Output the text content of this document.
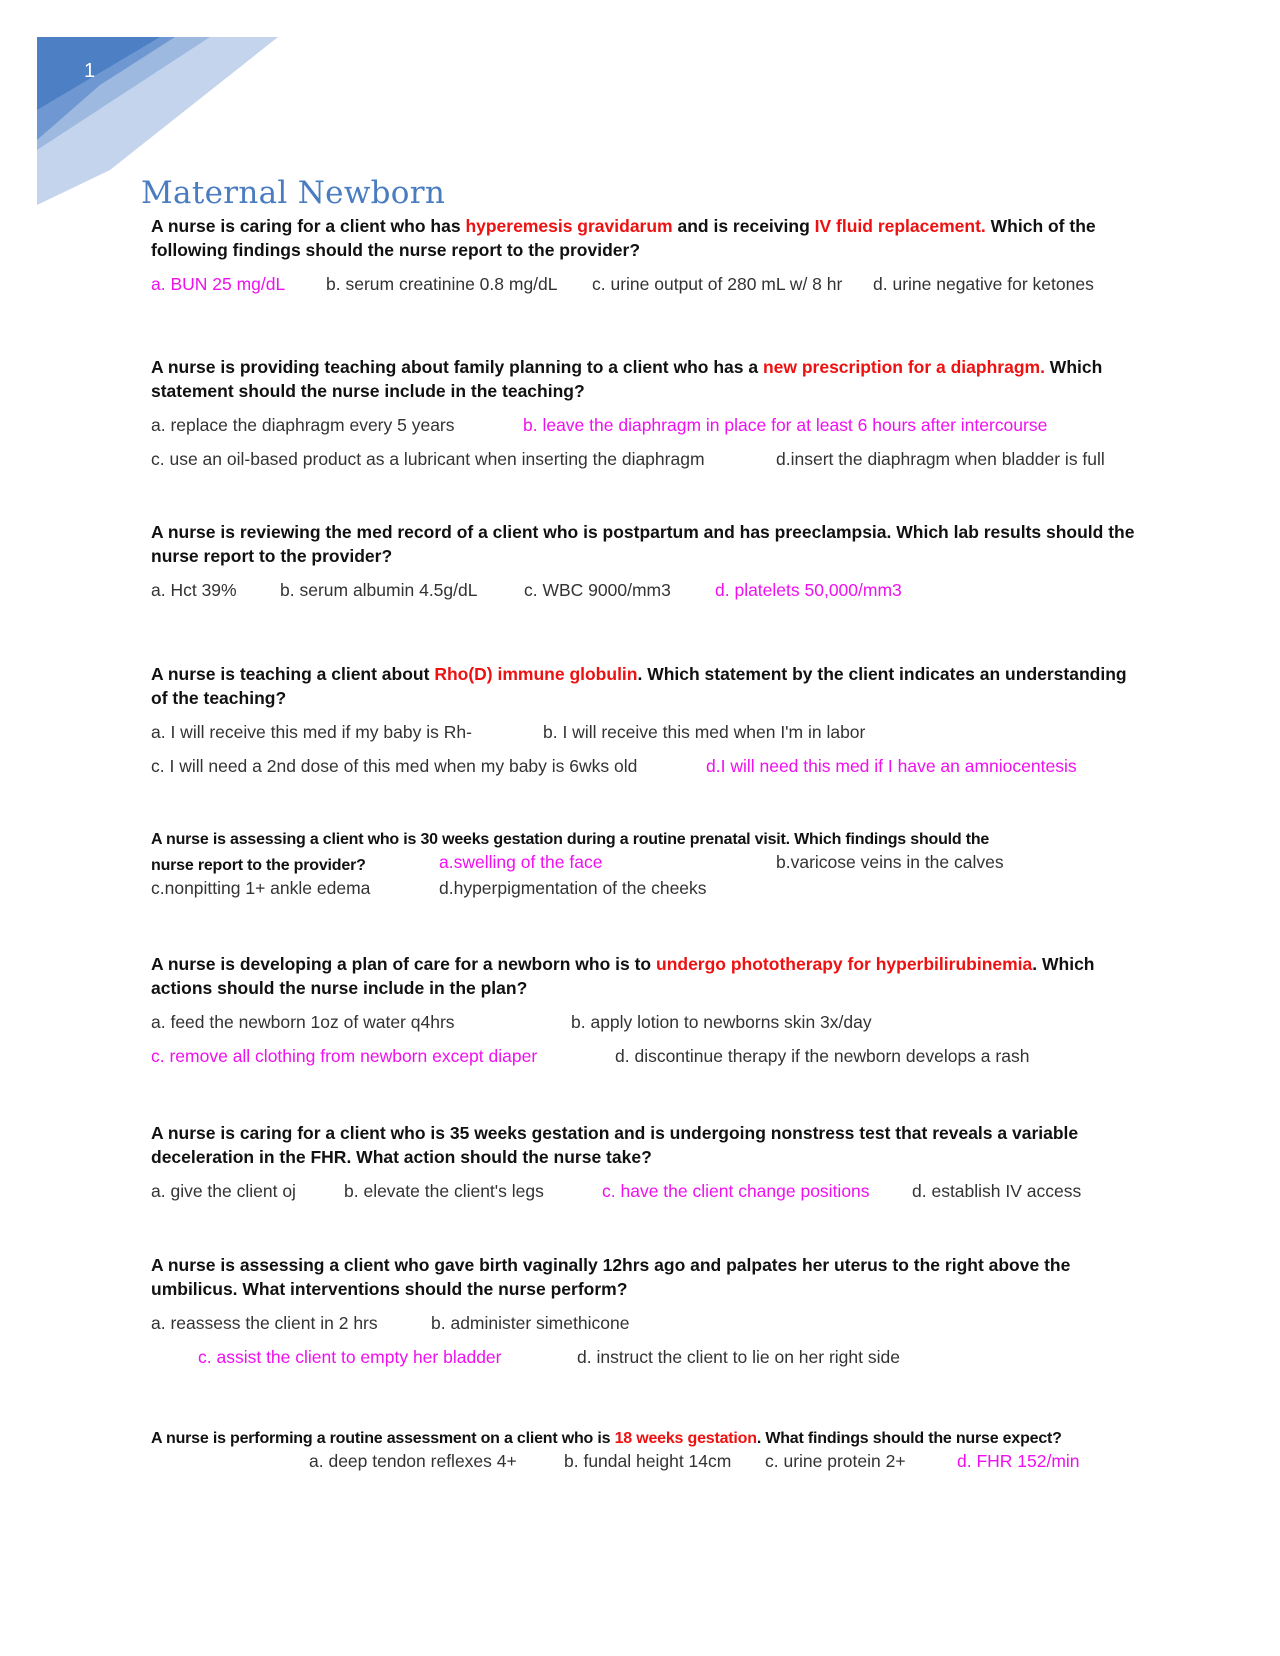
1
Maternal Newborn
A nurse is caring for a client who has hyperemesis gravidarum and is receiving IV fluid replacement. Which of the following findings should the nurse report to the provider?
a. BUN 25 mg/dL b. serum creatinine 0.8 mg/dL c. urine output of 280 mL w/ 8 hr d. urine negative for ketones
A nurse is providing teaching about family planning to a client who has a new prescription for a diaphragm. Which statement should the nurse include in the teaching?
a. replace the diaphragm every 5 years	b. leave the diaphragm in place for at least 6 hours after intercourse
c. use an oil-based product as a lubricant when inserting the diaphragm	d.insert the diaphragm when bladder is full
A nurse is reviewing the med record of a client who is postpartum and has preeclampsia. Which lab results should the nurse report to the provider?
a. Hct 39% b. serum albumin 4.5g/dL	c. WBC 9000/mm3	d. platelets 50,000/mm3
A nurse is teaching a client about Rho(D) immune globulin. Which statement by the client indicates an understanding of the teaching?
a. I will receive this med if my baby is Rh-	b. I will receive this med when I'm in labor
c. I will need a 2nd dose of this med when my baby is 6wks old	d.I will need this med if I have an amniocentesis
A nurse is assessing a client who is 30 weeks gestation during a routine prenatal visit. Which findings should the
nurse report to the provider?	a.swelling of the face	b.varicose veins in the calves
c.nonpitting 1+ ankle edema	d.hyperpigmentation of the cheeks
A nurse is developing a plan of care for a newborn who is to undergo phototherapy for hyperbilirubinemia. Which actions should the nurse include in the plan?
a. feed the newborn 1oz of water q4hrs	b. apply lotion to newborns skin 3x/day
c. remove all clothing from newborn except diaper	d. discontinue therapy if the newborn develops a rash
A nurse is caring for a client who is 35 weeks gestation and is undergoing nonstress test that reveals a variable deceleration in the FHR. What action should the nurse take?
a. give the client oj	b. elevate the client's legs	c. have the client change positions d. establish IV access
A nurse is assessing a client who gave birth vaginally 12hrs ago and palpates her uterus to the right above the umbilicus. What interventions should the nurse perform?
a. reassess the client in 2 hrs	b. administer simethicone
c. assist the client to empty her bladder	d. instruct the client to lie on her right side
A nurse is performing a routine assessment on a client who is 18 weeks gestation. What findings should the nurse expect?
a. deep tendon reflexes 4+	b. fundal height 14cm c. urine protein 2+	d. FHR 152/min
